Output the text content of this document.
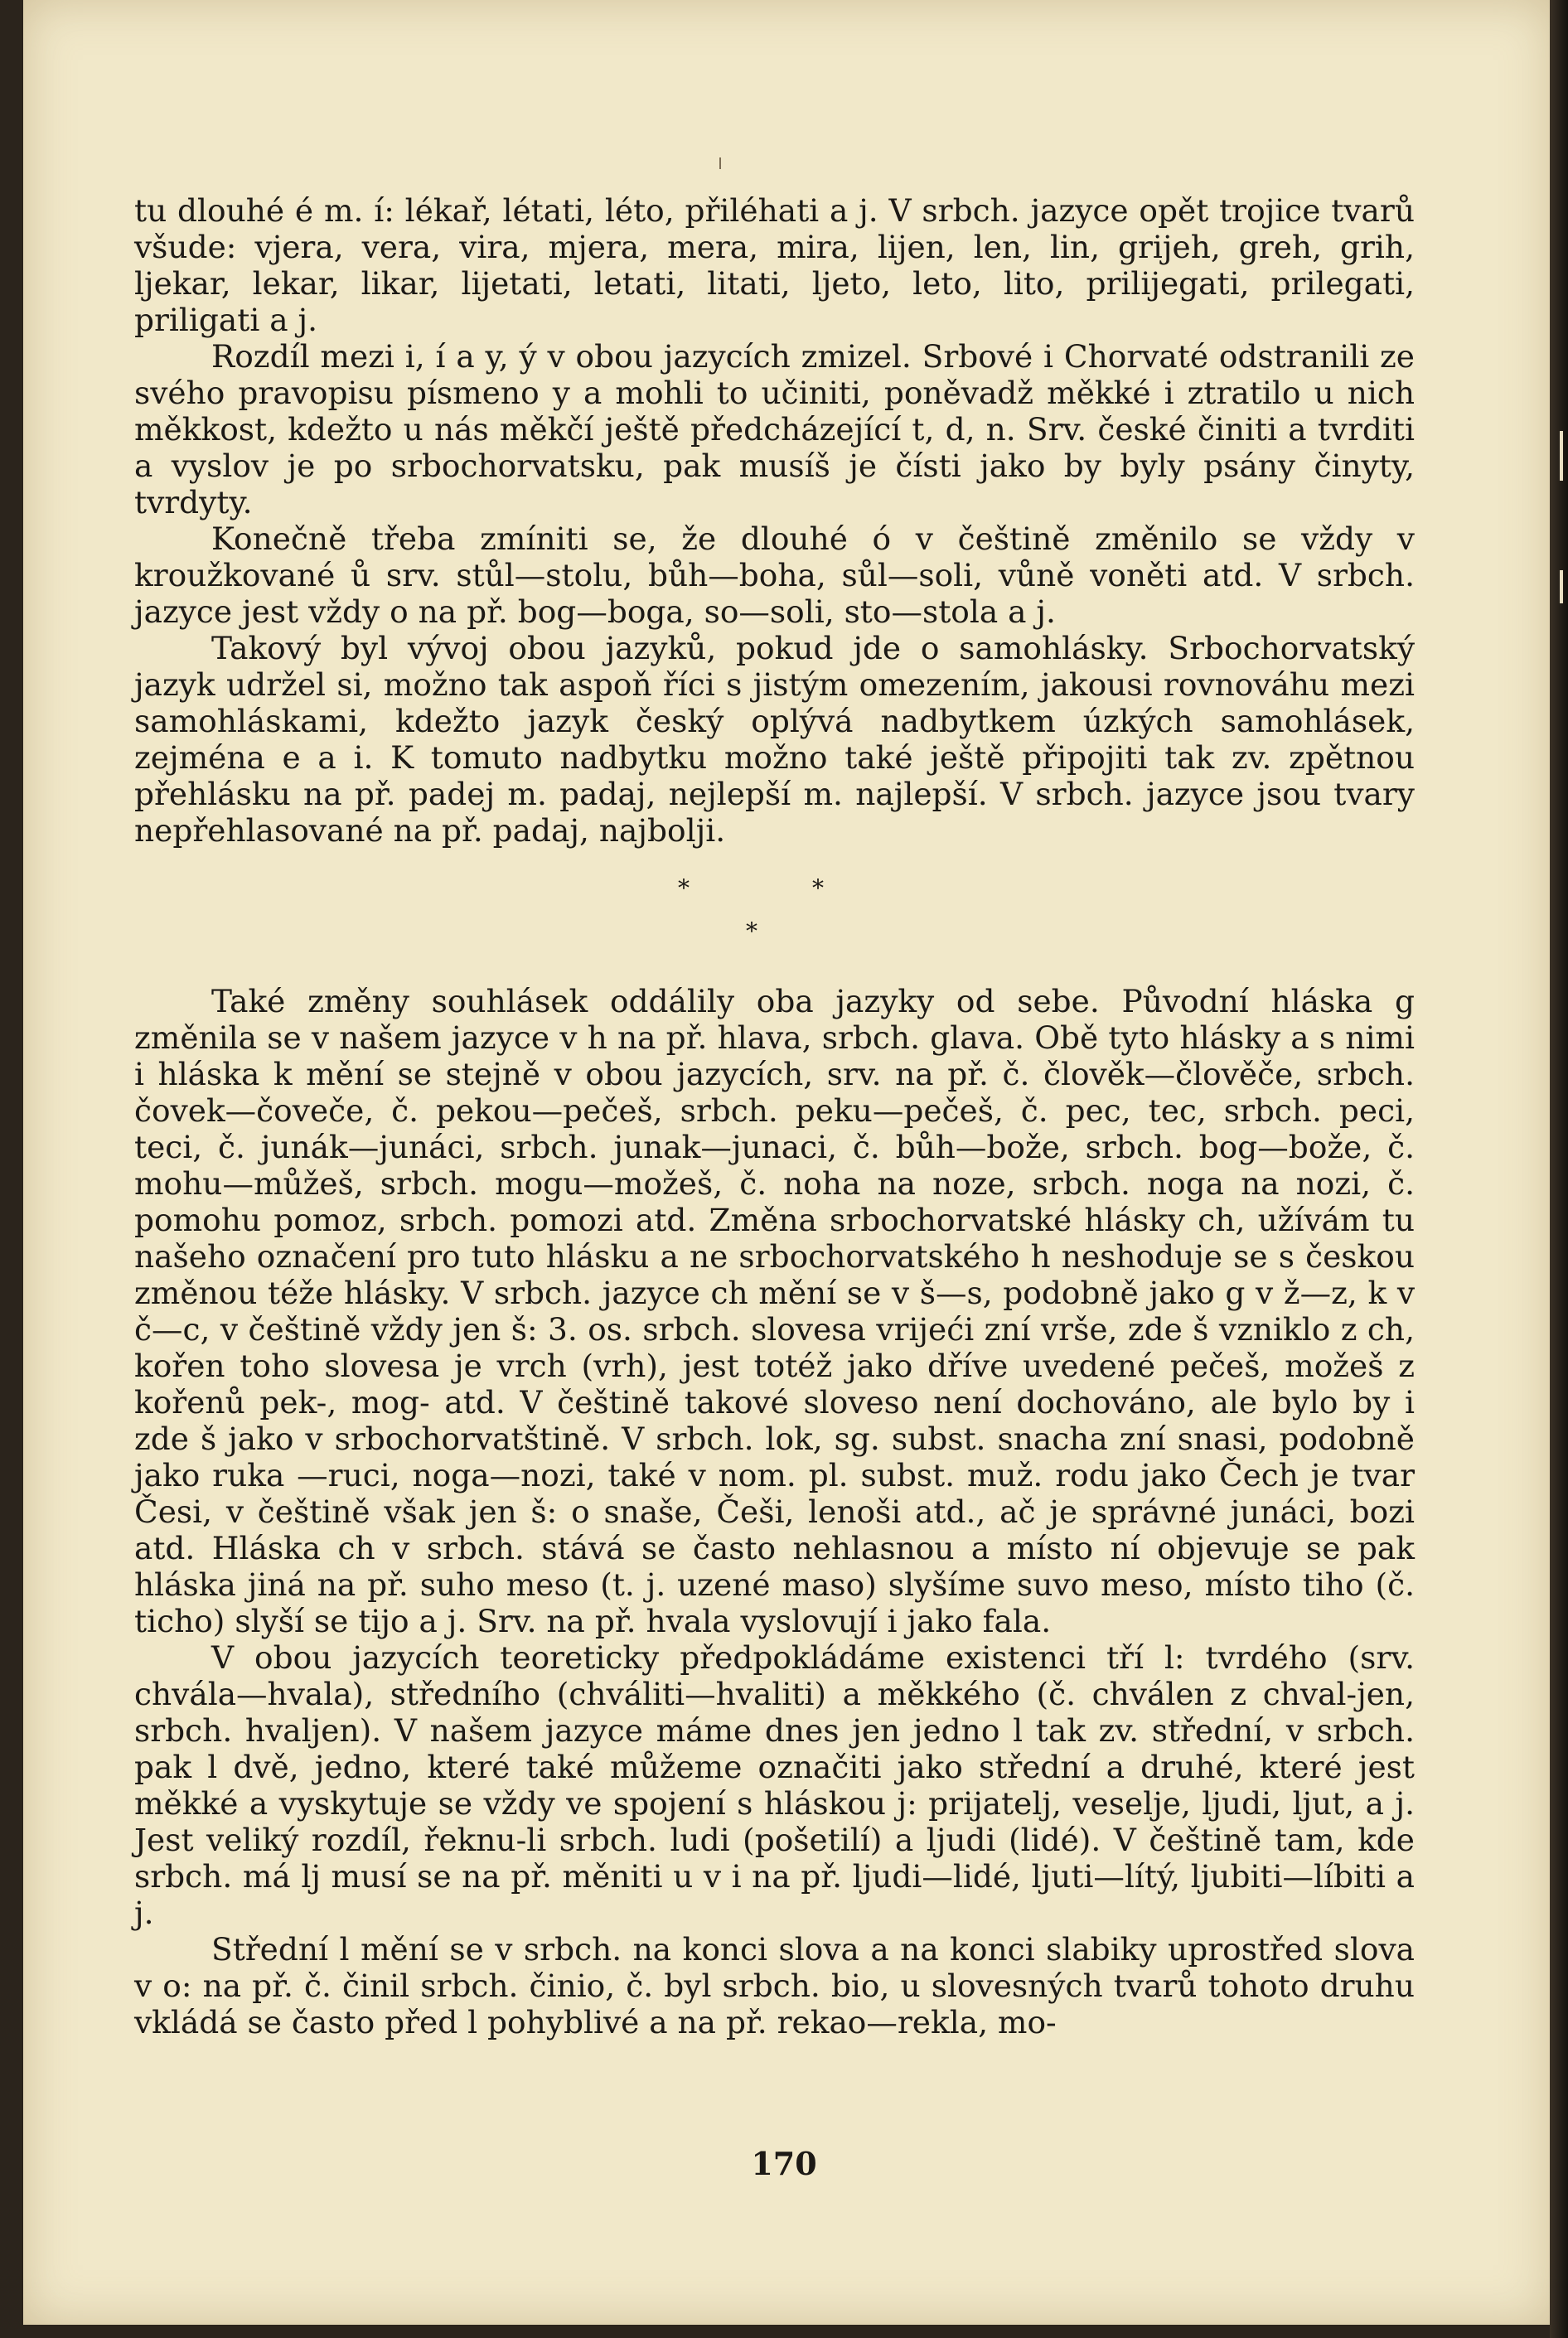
tu dlouhé é m. í: lékař, létati, léto, přiléhati a j. V srbch. jazyce opět trojice tvarů všude: vjera, vera, vira, mjera, mera, mira, lijen, len, lin, grijeh, greh, grih, ljekar, lekar, likar, lijetati, letati, litati, ljeto, leto, lito, prilijegati, prilegati, priligati a j.

Rozdíl mezi i, í a y, ý v obou jazycích zmizel. Srbové i Chorvaté odstranili ze svého pravopisu písmeno y a mohli to učiniti, poněvadž měkké i ztratilo u nich měkkost, kdežto u nás měkčí ještě předcházející t, d, n. Srv. české činiti a tvrditi a vyslov je po srbochorvatsku, pak musíš je čísti jako by byly psány činyty, tvrdyty.

Konečně třeba zmíniti se, že dlouhé ó v češtině změnilo se vždy v kroužkované ů srv. stůl—stolu, bůh—boha, sůl—soli, vůně voněti atd. V srbch. jazyce jest vždy o na př. bog—boga, so—soli, sto—stola a j.

Takový byl vývoj obou jazyků, pokud jde o samohlásky. Srbochorvatský jazyk udržel si, možno tak aspoň říci s jistým omezením, jakousi rovnováhu mezi samohláskami, kdežto jazyk český oplývá nadbytkem úzkých samohlásek, zejména e a i. K tomuto nadbytku možno také ještě připojiti tak zv. zpětnou přehlásku na př. padej m. padaj, nejlepší m. najlepší. V srbch. jazyce jsou tvary nepřehlasované na př. padaj, najbolji.

*	*
*

Také změny souhlásek oddálily oba jazyky od sebe. Původní hláska g změnila se v našem jazyce v h na př. hlava, srbch. glava. Obě tyto hlásky a s nimi i hláska k mění se stejně v obou jazycích, srv. na př. č. člověk—člověče, srbch. čovek—čoveče, č. pekou—pečeš, srbch. peku—pečeš, č. pec, tec, srbch. peci, teci, č. junák—junáci, srbch. junak—junaci, č. bůh—bože, srbch. bog—bože, č. mohu—můžeš, srbch. mogu—možeš, č. noha na noze, srbch. noga na nozi, č. pomohu pomoz, srbch. pomozi atd. Změna srbochorvatské hlásky ch, užívám tu našeho označení pro tuto hlásku a ne srbochorvatského h neshoduje se s českou změnou téže hlásky. V srbch. jazyce ch mění se v š—s, podobně jako g v ž—z, k v č—c, v češtině vždy jen š: 3. os. srbch. slovesa vrijeći zní vrše, zde š vzniklo z ch, kořen toho slovesa je vrch (vrh), jest totéž jako dříve uvedené pečeš, možeš z kořenů pek-, mog- atd. V češtině takové sloveso není dochováno, ale bylo by i zde š jako v srbochorvatštině. V srbch. lok, sg. subst. snacha zní snasi, podobně jako ruka —ruci, noga—nozi, také v nom. pl. subst. muž. rodu jako Čech je tvar Česi, v češtině však jen š: o snaše, Češi, lenoši atd., ač je správné junáci, bozi atd. Hláska ch v srbch. stává se často nehlasnou a místo ní objevuje se pak hláska jiná na př. suho meso (t. j. uzené maso) slyšíme suvo meso, místo tiho (č. ticho) slyší se tijo a j. Srv. na př. hvala vyslovují i jako fala.

V obou jazycích teoreticky předpokládáme existenci tří l: tvrdého (srv. chvála—hvala), středního (chváliti—hvaliti) a měkkého (č. chválen z chval-jen, srbch. hvaljen). V našem jazyce máme dnes jen jedno l tak zv. střední, v srbch. pak l dvě, jedno, které také můžeme označiti jako střední a druhé, které jest měkké a vyskytuje se vždy ve spojení s hláskou j: prijatelj, veselje, ljudi, ljut, a j. Jest veliký rozdíl, řeknu-li srbch. ludi (pošetilí) a ljudi (lidé). V češtině tam, kde srbch. má lj musí se na př. měniti u v i na př. ljudi—lidé, ljuti—lítý, ljubiti—líbiti a j.

Střední l mění se v srbch. na konci slova a na konci slabiky uprostřed slova v o: na př. č. činil srbch. činio, č. byl srbch. bio, u slovesných tvarů tohoto druhu vkládá se často před l pohyblivé a na př. rekao—rekla, mo-

170
